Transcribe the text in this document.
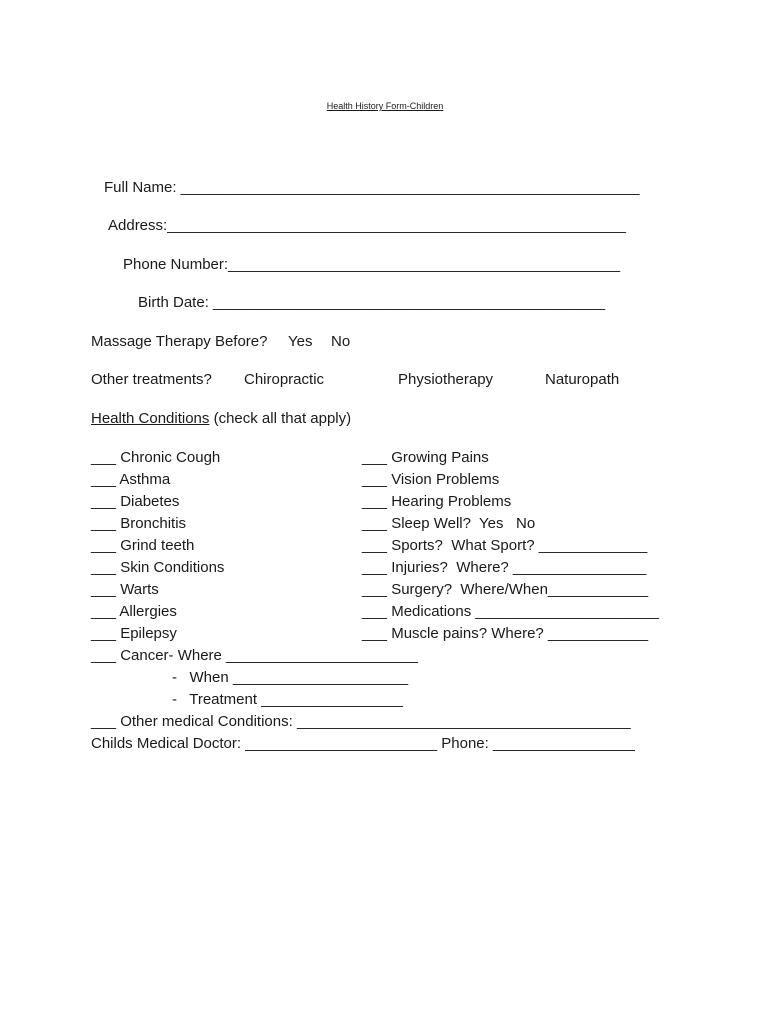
Health History Form-Children
Full Name: _______________________________________________________
Address:_______________________________________________________
Phone Number:_______________________________________________
Birth Date: _______________________________________________
Massage Therapy Before? Yes No
Other treatments? Chiropractic	Physiotherapy	Naturopath
Health Conditions (check all that apply)
___ Chronic Cough
___ Asthma
___ Diabetes
___ Bronchitis
___ Grind teeth
___ Skin Conditions
___ Warts
___ Allergies
___ Epilepsy
___ Growing Pains
___ Vision Problems
___ Hearing Problems
___ Sleep Well?  Yes   No
___ Sports?  What Sport? _____________
___ Injuries?  Where? ________________
___ Surgery?  Where/When____________
___ Medications ______________________
___ Muscle pains? Where? ____________
___ Cancer- Where _______________________
-   When _____________________
-   Treatment _________________
___ Other medical Conditions: ________________________________________
Childs Medical Doctor: _______________________ Phone: _________________
